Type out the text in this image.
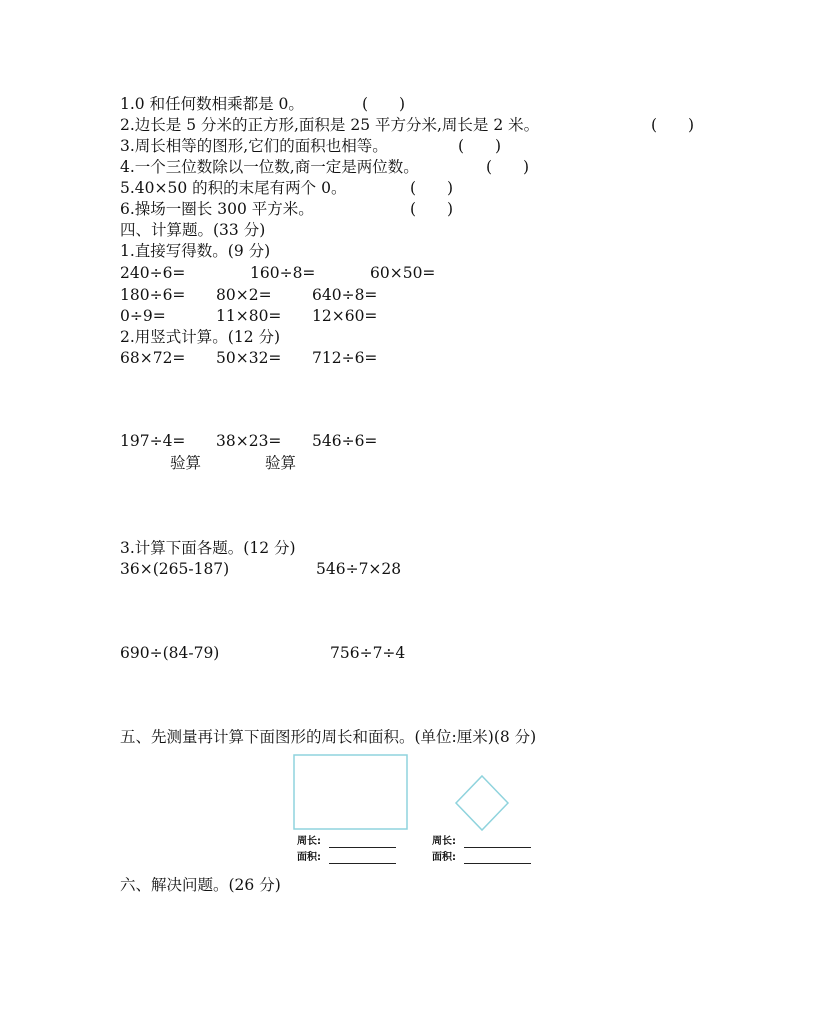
1.0 和任何数相乘都是 0。	(　　)
2.边长是 5 分米的正方形,面积是 25 平方分米,周长是 2 米。	(　　)
3.周长相等的图形,它们的面积也相等。	(　　)
4.一个三位数除以一位数,商一定是两位数。	(　　)
5.40×50 的积的末尾有两个 0。	(　　)
6.操场一圈长 300 平方米。	(　　)
四、计算题。(33 分)
1.直接写得数。(9 分)
240÷6=	160÷8=	60×50=
180÷6= 80×2=	640÷8=
0÷9=	11×80= 12×60=
2.用竖式计算。(12 分)
68×72= 50×32= 712÷6=
197÷4= 38×23= 546÷6=
验算	验算
3.计算下面各题。(12 分)
36×(265-187)	546÷7×28
690÷(84-79)	756÷7÷4
五、先测量再计算下面图形的周长和面积。(单位:厘米)(8 分)
周长:
面积:
周长:
面积:
六、解决问题。(26 分)
